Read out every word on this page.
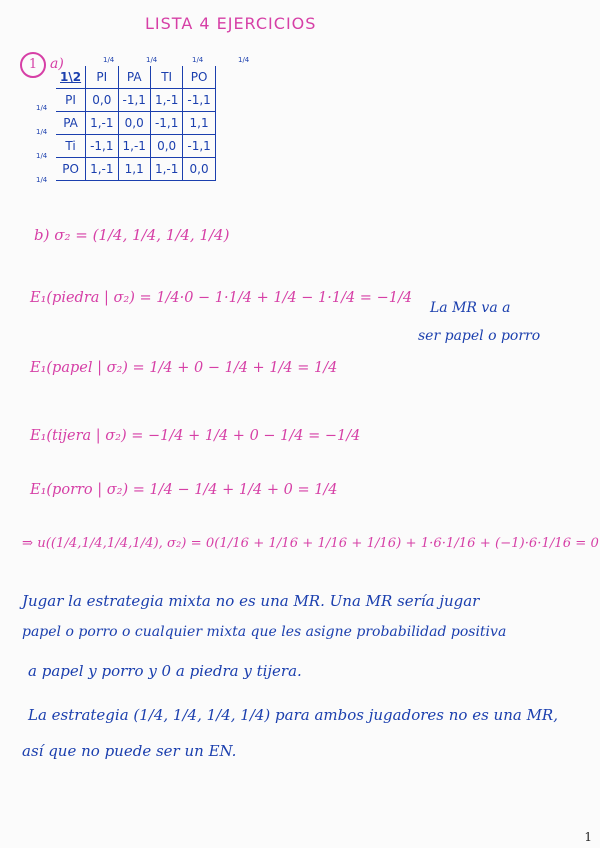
LISTA 4 EJERCICIOS
1 a)	1/4	1/4	1/4	1/4
1/4
1/4
1/4
1/4
1\2	PI	PA	TI	PO
PI	0,0	-1,1	1,-1	-1,1
PA	1,-1	0,0	-1,1	1,1
Ti	-1,1	1,-1	0,0	-1,1
PO	1,-1	1,1	1,-1	0,0
b) σ₂ = (1/4, 1/4, 1/4, 1/4)
E₁(piedra | σ₂) = 1/4·0 − 1·1/4 + 1/4 − 1·1/4 = −1/4
La MR va a
ser papel o porro
E₁(papel | σ₂) = 1/4 + 0 − 1/4 + 1/4 = 1/4
E₁(tijera | σ₂) = −1/4 + 1/4 + 0 − 1/4 = −1/4
E₁(porro | σ₂) = 1/4 − 1/4 + 1/4 + 0 = 1/4
⇒ u((1/4,1/4,1/4,1/4), σ₂) = 0(1/16 + 1/16 + 1/16 + 1/16) + 1·6·1/16 + (−1)·6·1/16 = 0
Jugar la estrategia mixta no es una MR. Una MR sería jugar
papel o porro o cualquier mixta que les asigne probabilidad positiva
a papel y porro y 0 a piedra y tijera.
La estrategia (1/4, 1/4, 1/4, 1/4) para ambos jugadores no es una MR,
así que no puede ser un EN.
1
